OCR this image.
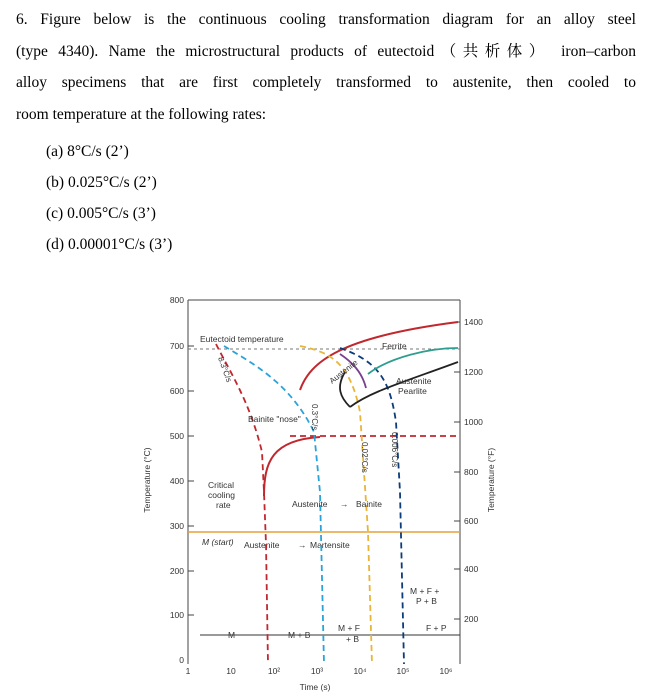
6. Figure below is the continuous cooling transformation diagram for an alloy steel
(type 4340). Name the microstructural products of eutectoid（共析体） iron–carbon
alloy specimens that are first completely transformed to austenite, then cooled to
room temperature at the following rates:

(a) 8°C/s (2’)
(b) 0.025°C/s (2’)
(c) 0.005°C/s (3’)
(d) 0.00001°C/s (3’)
800
700
600
500
400
300
200
100
0
1400
1200
1000
800
600
400
200
1	10	10²	10³	10⁴	10⁵	10⁶
Time (s)
Temperature (°C)	Temperature (°F)
Eutectoid temperature
M (start) Austenite	Martensite
→
8.3°C/s
0.3°C/s
0.02°C/s	0.006°C/s
Ferrite
Austenite	Austenite
Pearlite
Bainite "nose"
Critical
cooling
rate	Austenite	Bainite
→
M + F +
P + B
M	M + B
M + F
+ B
F + P
